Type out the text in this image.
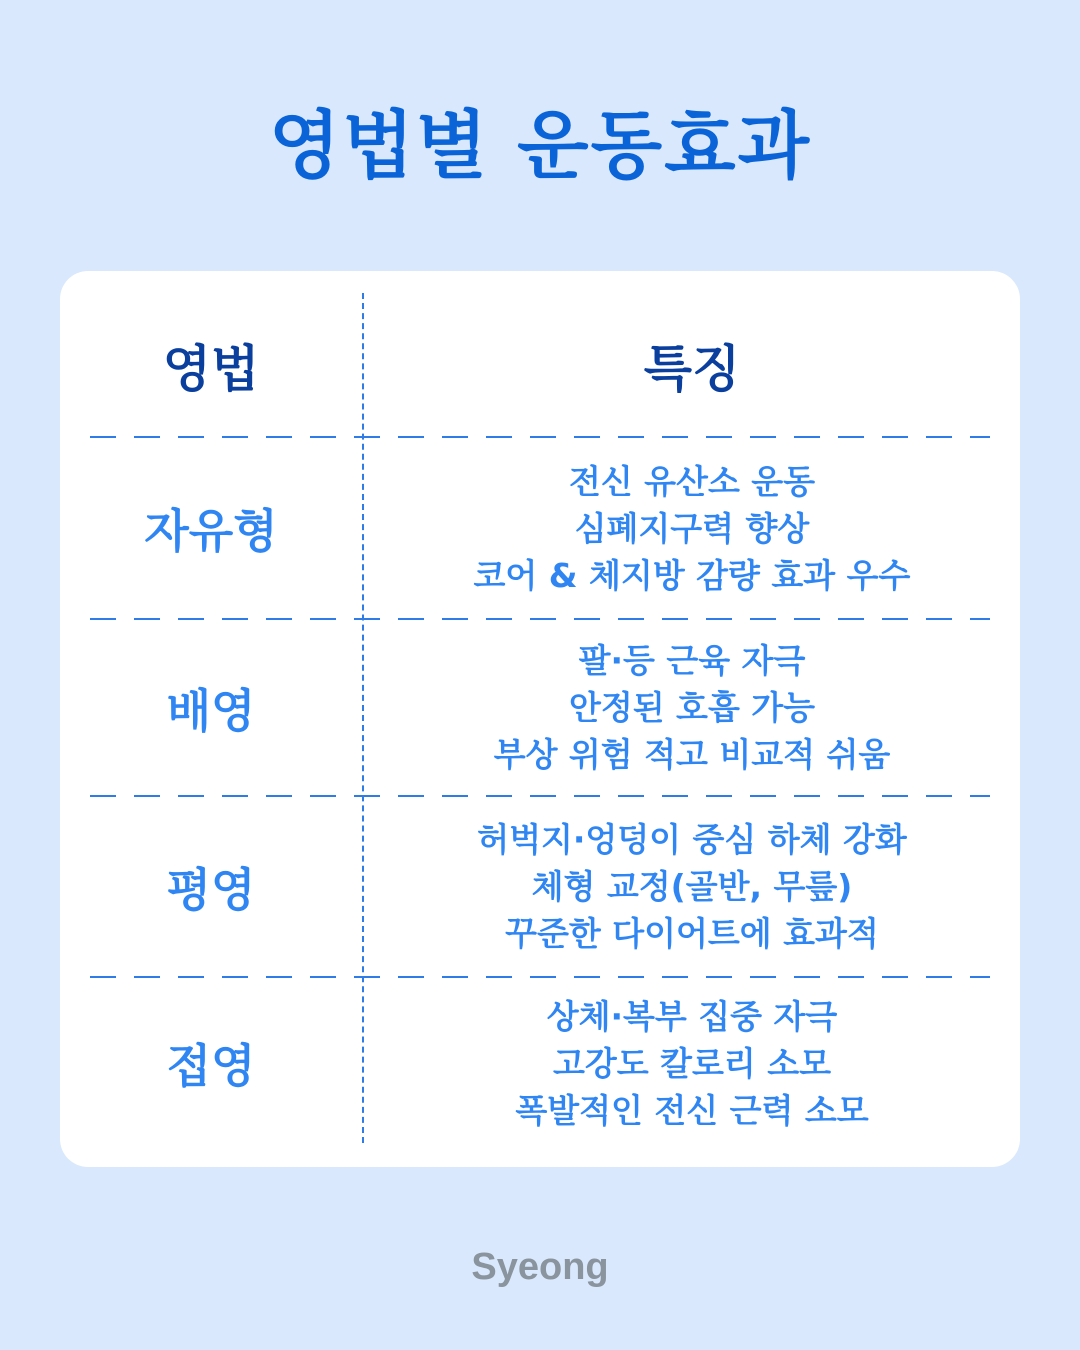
영법별 운동효과
영법	특징
자유형
전신 유산소 운동
심폐지구력 향상
코어 & 체지방 감량 효과 우수
배영
팔·등 근육 자극
안정된 호흡 가능
부상 위험 적고 비교적 쉬움
평영
허벅지·엉덩이 중심 하체 강화
체형 교정(골반, 무릎)
꾸준한 다이어트에 효과적
접영
상체·복부 집중 자극
고강도 칼로리 소모
폭발적인 전신 근력 소모
Syeong
